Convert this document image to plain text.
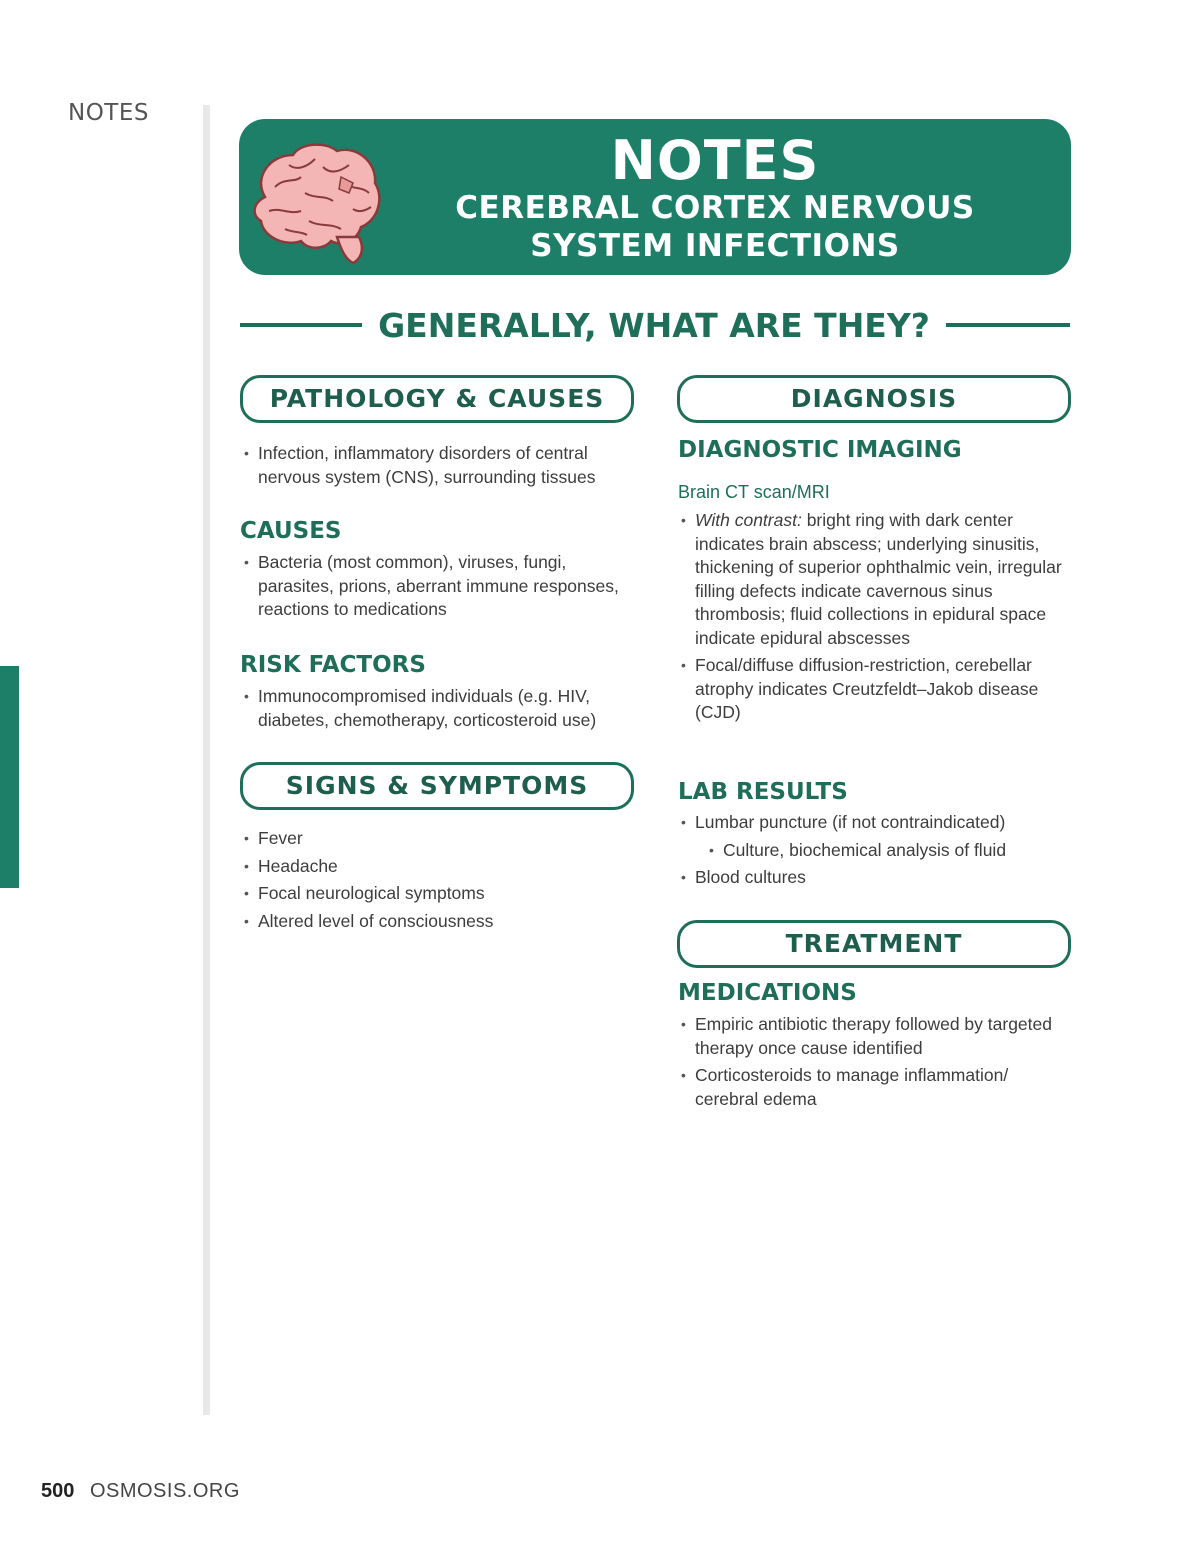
NOTES
NOTES
CEREBRAL CORTEX NERVOUS
SYSTEM INFECTIONS
GENERALLY, WHAT ARE THEY?
PATHOLOGY & CAUSES
• Infection, inflammatory disorders of central nervous system (CNS), surrounding tissues
CAUSES
• Bacteria (most common), viruses, fungi, parasites, prions, aberrant immune responses, reactions to medications
RISK FACTORS
• Immunocompromised individuals (e.g. HIV, diabetes, chemotherapy, corticosteroid use)
SIGNS & SYMPTOMS
• Fever
• Headache
• Focal neurological symptoms
• Altered level of consciousness
DIAGNOSIS
DIAGNOSTIC IMAGING
Brain CT scan/MRI
• With contrast: bright ring with dark center indicates brain abscess; underlying sinusitis, thickening of superior ophthalmic vein, irregular filling defects indicate cavernous sinus thrombosis; fluid collections in epidural space indicate epidural abscesses
• Focal/diffuse diffusion-restriction, cerebellar atrophy indicates Creutzfeldt–Jakob disease (CJD)
LAB RESULTS
• Lumbar puncture (if not contraindicated)
• Culture, biochemical analysis of fluid
• Blood cultures
TREATMENT
MEDICATIONS
• Empiric antibiotic therapy followed by targeted therapy once cause identified
• Corticosteroids to manage inflammation/ cerebral edema
500 OSMOSIS.ORG
